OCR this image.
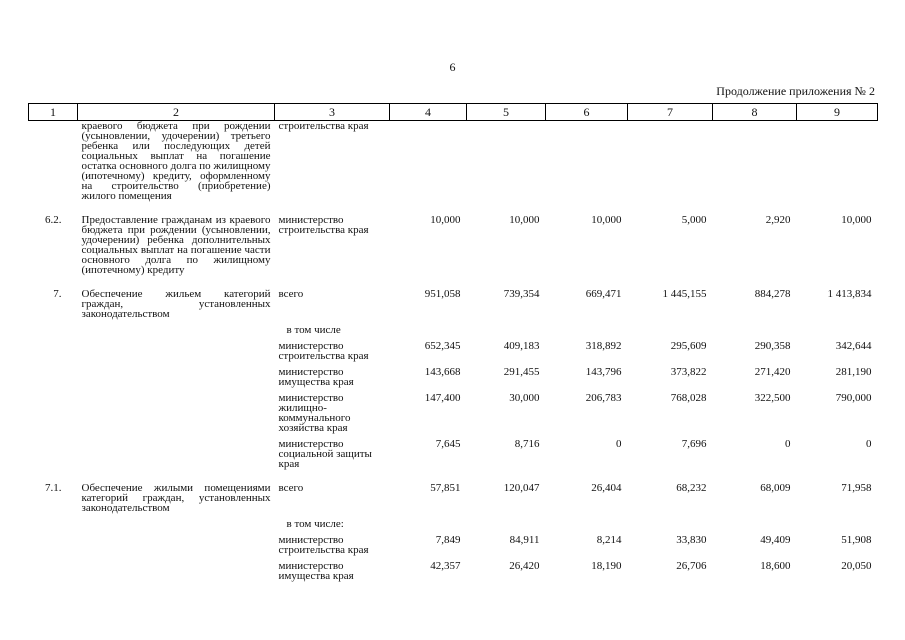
6
Продолжение приложения № 2
1	2	3	4	5	6	7	8	9
	краевого бюджета при рождении (усыновлении, удочерении) третьего ребенка или последующих детей социальных выплат на погашение остатка основного долга по жилищному (ипотечному) кредиту, оформленному на строительство (приобретение) жилого помещения	строительства края						

6.2.	Предоставление гражданам из краевого бюджета при рождении (усыновлении, удочерении) ребенка дополнительных социальных выплат на погашение части основного долга по жилищному (ипотечному) кредиту	министерство строительства края	10,000	10,000	10,000	5,000	2,920	10,000

7.	Обеспечение жильем категорий граждан, установленных законодательством	всего	951,058	739,354	669,471	1 445,155	884,278	1 413,834
		в том числе						
		министерство строительства края	652,345	409,183	318,892	295,609	290,358	342,644
		министерство имущества края	143,668	291,455	143,796	373,822	271,420	281,190
		министерство жилищно-коммунального хозяйства края	147,400	30,000	206,783	768,028	322,500	790,000
		министерство социальной защиты края	7,645	8,716	0	7,696	0	0

7.1.	Обеспечение жилыми помещениями категорий граждан, установленных законодательством	всего	57,851	120,047	26,404	68,232	68,009	71,958
		в том числе:						
		министерство строительства края	7,849	84,911	8,214	33,830	49,409	51,908
		министерство имущества края	42,357	26,420	18,190	26,706	18,600	20,050
